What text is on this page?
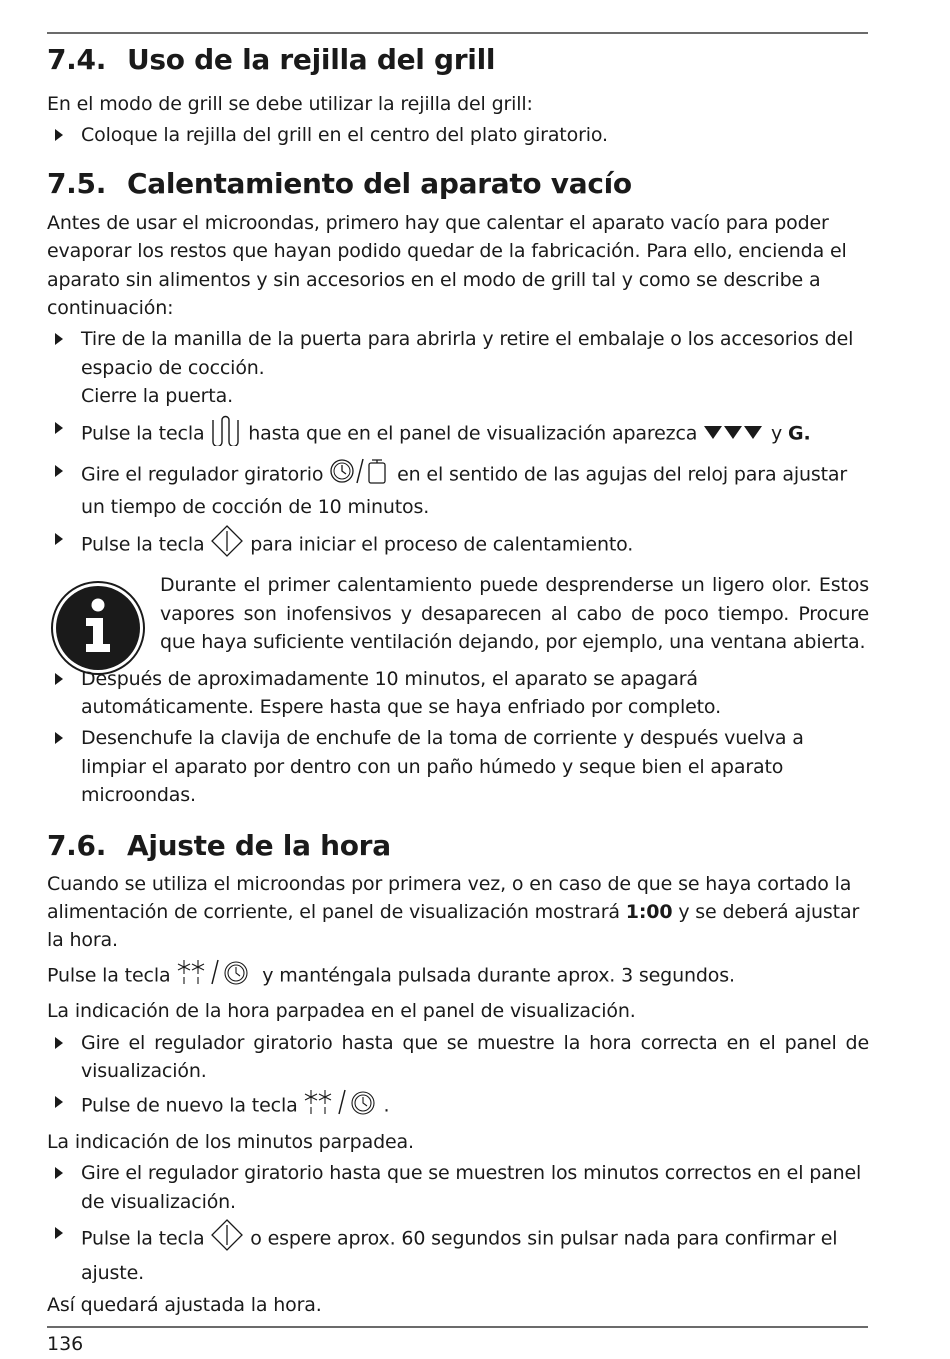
7.4. Uso de la rejilla del grill

En el modo de grill se debe utilizar la rejilla del grill:

Coloque la rejilla del grill en el centro del plato giratorio.
7.5. Calentamiento del aparato vacío

Antes de usar el microondas, primero hay que calentar el aparato vacío para poder evaporar los restos que hayan podido quedar de la fabricación. Para ello, encienda el aparato sin alimentos y sin accesorios en el modo de grill tal y como se describe a continuación:

Tire de la manilla de la puerta para abrirla y retire el embalaje o los accesorios del espacio de cocción.
Cierre la puerta.
Pulse la tecla hasta que en el panel de visualización aparezca	y G.
Gire el regulador giratorio	en el sentido de las agujas del reloj para ajustar un tiempo de cocción de 10 minutos.
Pulse la tecla para iniciar el proceso de calentamiento.

Durante el primer calentamiento puede desprenderse un ligero olor. Estos vapores son inofensivos y desaparecen al cabo de poco tiempo. Procure que haya suficiente ventilación dejando, por ejemplo, una ventana abierta.

Después de aproximadamente 10 minutos, el aparato se apagará automáticamente. Espere hasta que se haya enfriado por completo.
Desenchufe la clavija de enchufe de la toma de corriente y después vuelva a limpiar el aparato por dentro con un paño húmedo y seque bien el aparato microondas.
7.6. Ajuste de la hora

Cuando se utiliza el microondas por primera vez, o en caso de que se haya cortado la alimentación de corriente, el panel de visualización mostrará 1:00 y se deberá ajustar la hora.

Pulse la tecla	y manténgala pulsada durante aprox. 3 segundos.

La indicación de la hora parpadea en el panel de visualización.

Gire el regulador giratorio hasta que se muestre la hora correcta en el panel de visualización.
Pulse de nuevo la tecla	.

La indicación de los minutos parpadea.

Gire el regulador giratorio hasta que se muestren los minutos correctos en el panel de visualización.
Pulse la tecla o espere aprox. 60 segundos sin pulsar nada para confirmar el ajuste.

Así quedará ajustada la hora.

136
